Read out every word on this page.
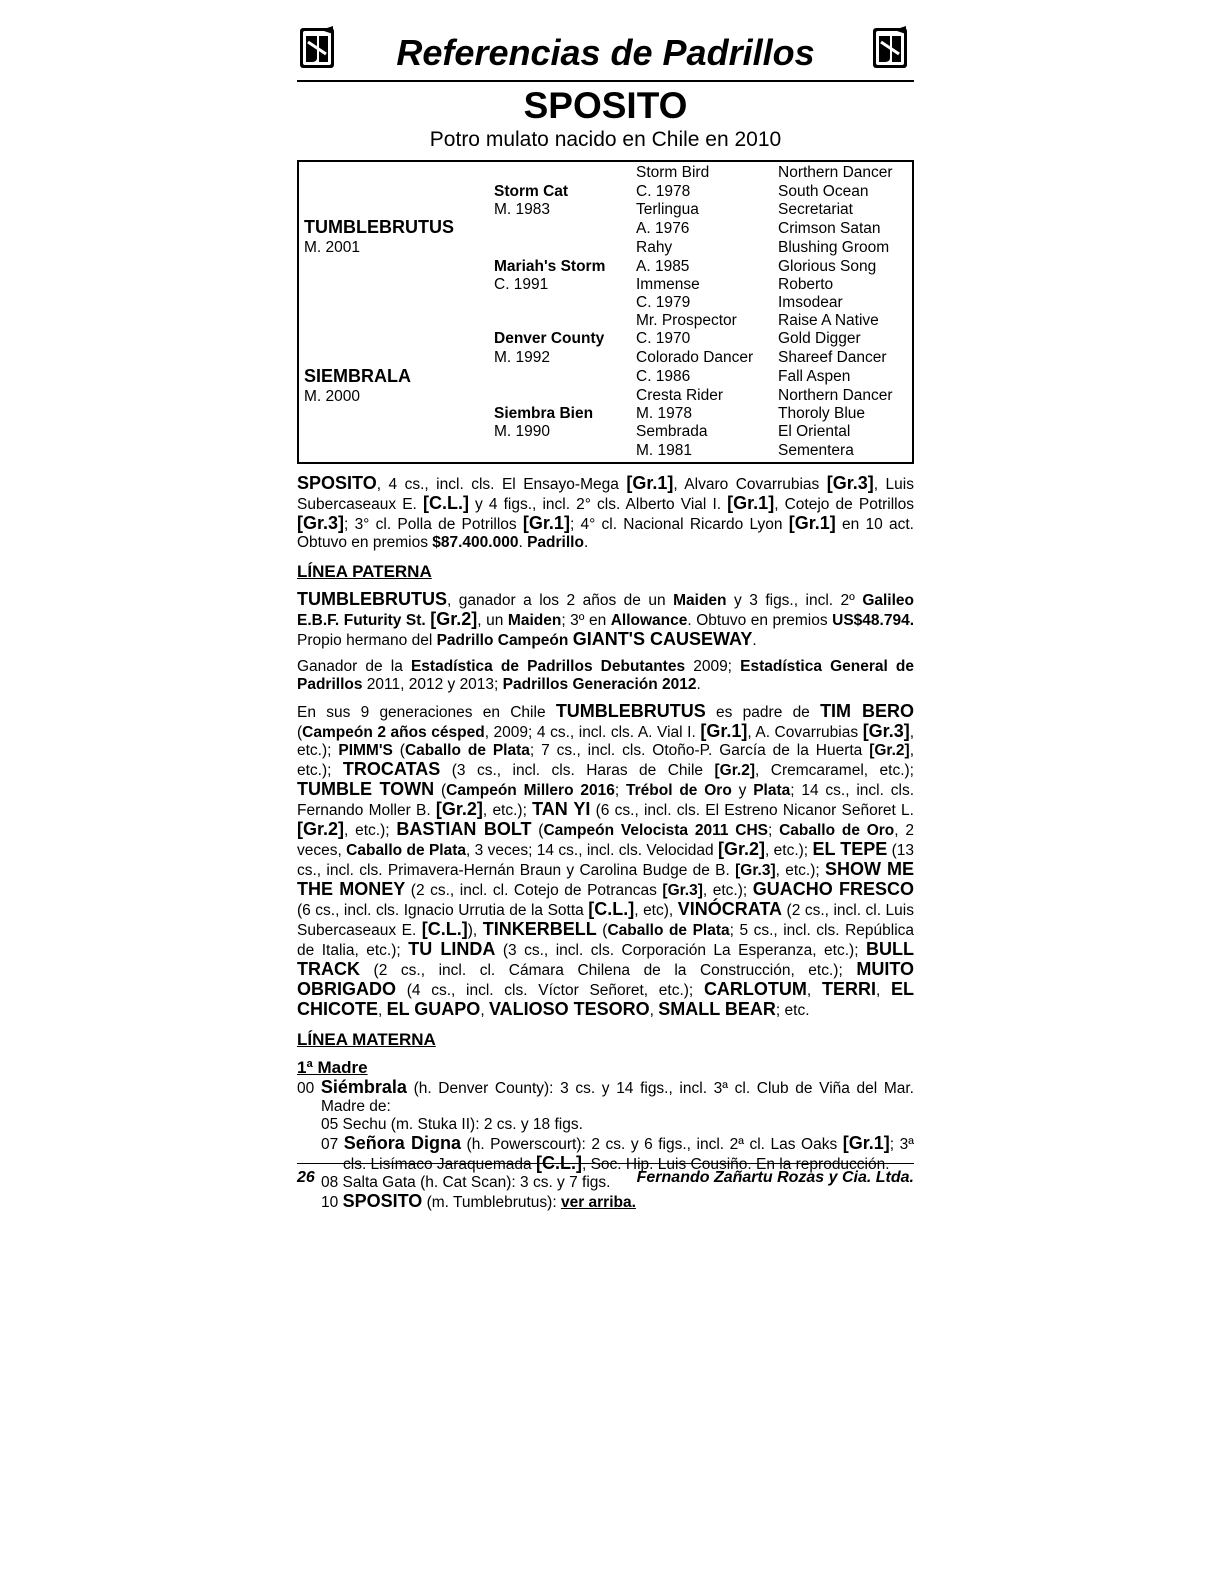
Referencias de Padrillos
SPOSITO
Potro mulato nacido en Chile en 2010
TUMBLEBRUTUS
M. 2001
SIEMBRALA
M. 2000
Storm Cat
M. 1983
Mariah's Storm
C. 1991
Denver County
M. 1992
Siembra Bien
M. 1990
Storm Bird
C. 1978
Terlingua
A. 1976
Rahy
A. 1985
Immense
C. 1979
Mr. Prospector
C. 1970
Colorado Dancer
C. 1986
Cresta Rider
M. 1978
Sembrada
M. 1981
Northern Dancer
South Ocean
Secretariat
Crimson Satan
Blushing Groom
Glorious Song
Roberto
Imsodear
Raise A Native
Gold Digger
Shareef Dancer
Fall Aspen
Northern Dancer
Thoroly Blue
El Oriental
Sementera
SPOSITO, 4 cs., incl. cls. El Ensayo-Mega [Gr.1], Alvaro Covarrubias [Gr.3], Luis Subercaseaux E. [C.L.] y 4 figs., incl. 2° cls. Alberto Vial I. [Gr.1], Cotejo de Potrillos [Gr.3]; 3° cl. Polla de Potrillos [Gr.1]; 4° cl. Nacional Ricardo Lyon [Gr.1] en 10 act. Obtuvo en premios $87.400.000. Padrillo.
LÍNEA PATERNA
TUMBLEBRUTUS, ganador a los 2 años de un Maiden y 3 figs., incl. 2º Galileo E.B.F. Futurity St. [Gr.2], un Maiden; 3º en Allowance. Obtuvo en premios US$48.794. Propio hermano del Padrillo Campeón GIANT'S CAUSEWAY.
Ganador de la Estadística de Padrillos Debutantes 2009; Estadística General de Padrillos 2011, 2012 y 2013; Padrillos Generación 2012.
En sus 9 generaciones en Chile TUMBLEBRUTUS es padre de TIM BERO (Campeón 2 años césped, 2009; 4 cs., incl. cls. A. Vial I. [Gr.1], A. Covarrubias [Gr.3], etc.); PIMM'S (Caballo de Plata; 7 cs., incl. cls. Otoño-P. García de la Huerta [Gr.2], etc.); TROCATAS (3 cs., incl. cls. Haras de Chile [Gr.2], Cremcaramel, etc.); TUMBLE TOWN (Campeón Millero 2016; Trébol de Oro y Plata; 14 cs., incl. cls. Fernando Moller B. [Gr.2], etc.); TAN YI (6 cs., incl. cls. El Estreno Nicanor Señoret L. [Gr.2], etc.); BASTIAN BOLT (Campeón Velocista 2011 CHS; Caballo de Oro, 2 veces, Caballo de Plata, 3 veces; 14 cs., incl. cls. Velocidad [Gr.2], etc.); EL TEPE (13 cs., incl. cls. Primavera-Hernán Braun y Carolina Budge de B. [Gr.3], etc.); SHOW ME THE MONEY (2 cs., incl. cl. Cotejo de Potrancas [Gr.3], etc.); GUACHO FRESCO (6 cs., incl. cls. Ignacio Urrutia de la Sotta [C.L.], etc), VINÓCRATA (2 cs., incl. cl. Luis Subercaseaux E. [C.L.]), TINKERBELL (Caballo de Plata; 5 cs., incl. cls. República de Italia, etc.); TU LINDA (3 cs., incl. cls. Corporación La Esperanza, etc.); BULL TRACK (2 cs., incl. cl. Cámara Chilena de la Construcción, etc.); MUITO OBRIGADO (4 cs., incl. cls. Víctor Señoret, etc.); CARLOTUM, TERRI, EL CHICOTE, EL GUAPO, VALIOSO TESORO, SMALL BEAR; etc.
LÍNEA MATERNA
1ª Madre
00 Siémbrala (h. Denver County): 3 cs. y 14 figs., incl. 3ª cl. Club de Viña del Mar. Madre de:
05 Sechu (m. Stuka II): 2 cs. y 18 figs.
07 Señora Digna (h. Powerscourt): 2 cs. y 6 figs., incl. 2ª cl. Las Oaks [Gr.1]; 3ª cls. Lisímaco Jaraquemada [C.L.], Soc. Hip. Luis Cousiño. En la reproducción.
08 Salta Gata (h. Cat Scan): 3 cs. y 7 figs.
10 SPOSITO (m. Tumblebrutus): ver arriba.
26	Fernando Zañartu Rozas y Cia. Ltda.
